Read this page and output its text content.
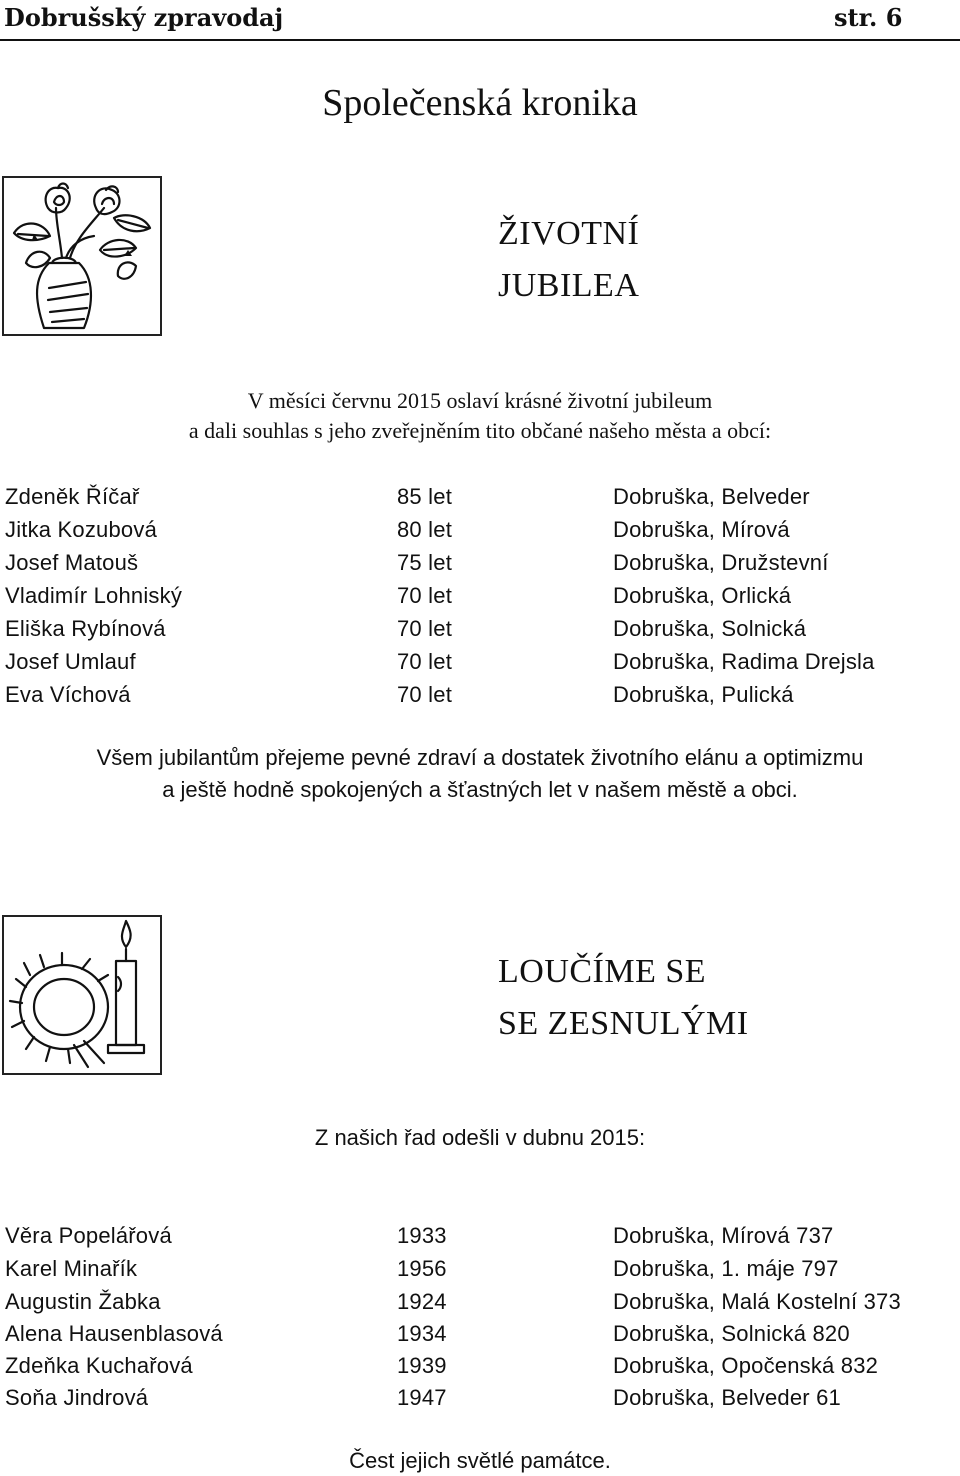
Dobrušský zpravodaj	str. 6
Společenská kronika
ŽIVOTNÍ
JUBILEA

V měsíci červnu 2015 oslaví krásné životní jubileum

a dali souhlas s jeho zveřejněním tito občané našeho města a obcí:

Zdeněk Říčař	85 let	Dobruška, Belveder
Jitka Kozubová	80 let	Dobruška, Mírová
Josef Matouš	75 let	Dobruška, Družstevní
Vladimír Lohniský	70 let	Dobruška, Orlická
Eliška Rybínová	70 let	Dobruška, Solnická
Josef Umlauf	70 let	Dobruška, Radima Drejsla
Eva Víchová	70 let	Dobruška, Pulická

Všem jubilantům přejeme pevné zdraví a dostatek životního elánu a optimizmu

a ještě hodně spokojených a šťastných let v našem městě a obci.

LOUČÍME SE
SE ZESNULÝMI

Z našich řad odešli v dubnu 2015:

Věra Popelářová	1933	Dobruška, Mírová 737
Karel Minařík	1956	Dobruška, 1. máje 797
Augustin Žabka	1924	Dobruška, Malá Kostelní 373
Alena Hausenblasová	1934	Dobruška, Solnická 820
Zdeňka Kuchařová	1939	Dobruška, Opočenská 832
Soňa Jindrová	1947	Dobruška, Belveder 61

Čest jejich světlé památce.
